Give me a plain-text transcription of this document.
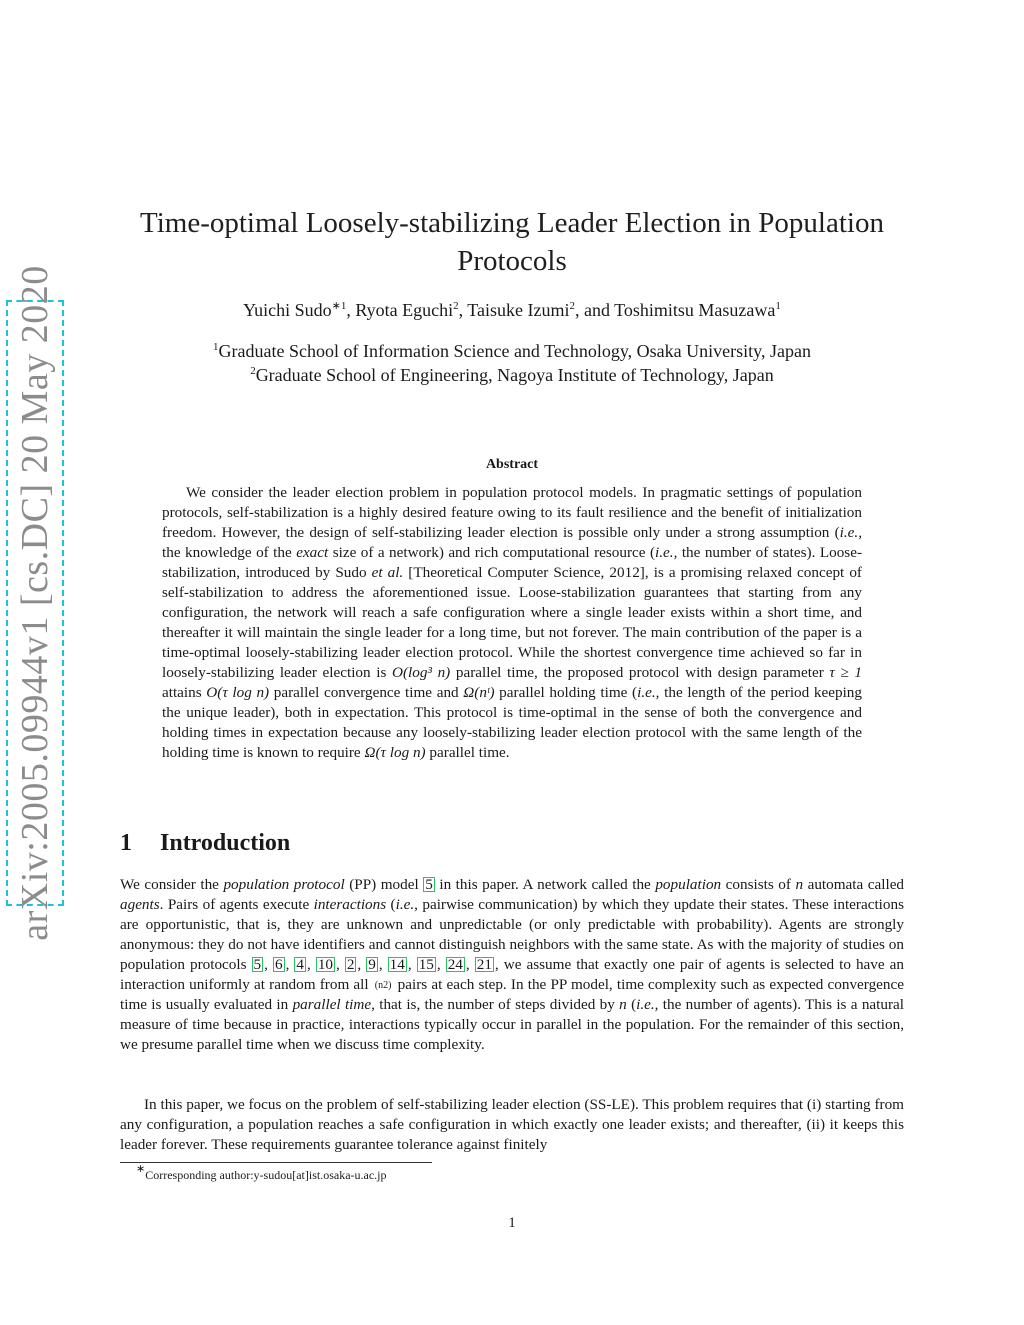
arXiv:2005.09944v1 [cs.DC] 20 May 2020
Time-optimal Loosely-stabilizing Leader Election in Population
Protocols
Yuichi Sudo$^{∗1}$, Ryota Eguchi$^2$, Taisuke Izumi$^2$, and Toshimitsu Masuzawa$^1$
$^1$Graduate School of Information Science and Technology, Osaka University, Japan
$^2$Graduate School of Engineering, Nagoya Institute of Technology, Japan
Abstract

We consider the leader election problem in population protocol models. In pragmatic settings of population protocols, self-stabilization is a highly desired feature owing to its fault resilience and the benefit of initialization freedom. However, the design of self-stabilizing leader election is possible only under a strong assumption (i.e., the knowledge of the exact size of a network) and rich computational resource (i.e., the number of states). Loose-stabilization, introduced by Sudo et al. [Theoretical Computer Science, 2012], is a promising relaxed concept of self-stabilization to address the aforementioned issue. Loose-stabilization guarantees that starting from any configuration, the network will reach a safe configuration where a single leader exists within a short time, and thereafter it will maintain the single leader for a long time, but not forever. The main contribution of the paper is a time-optimal loosely-stabilizing leader election protocol. While the shortest convergence time achieved so far in loosely-stabilizing leader election is O(log³ n) parallel time, the proposed protocol with design parameter τ ≥ 1 attains O(τ log n) parallel convergence time and Ω(nᵗ) parallel holding time (i.e., the length of the period keeping the unique leader), both in expectation. This protocol is time-optimal in the sense of both the convergence and holding times in expectation because any loosely-stabilizing leader election protocol with the same length of the holding time is known to require Ω(τ log n) parallel time.

1 Introduction

We consider the population protocol (PP) model 5 in this paper. A network called the population consists of n automata called agents. Pairs of agents execute interactions (i.e., pairwise communication) by which they update their states. These interactions are opportunistic, that is, they are unknown and unpredictable (or only predictable with probability). Agents are strongly anonymous: they do not have identifiers and cannot distinguish neighbors with the same state. As with the majority of studies on population protocols 5 , 6 , 4 , 10 , 2 , 9 , 14 , 15 , 24 , 21 , we assume that exactly one pair of agents is selected to have an interaction uniformly at random from all (n2) pairs at each step. In the PP model, time complexity such as expected convergence time is usually evaluated in parallel time, that is, the number of steps divided by n (i.e., the number of agents). This is a natural measure of time because in practice, interactions typically occur in parallel in the population. For the remainder of this section, we presume parallel time when we discuss time complexity.

In this paper, we focus on the problem of self-stabilizing leader election (SS-LE). This problem requires that (i) starting from any configuration, a population reaches a safe configuration in which exactly one leader exists; and thereafter, (ii) it keeps this leader forever. These requirements guarantee tolerance against finitely

∗Corresponding author:y-sudou[at]ist.osaka-u.ac.jp
1
